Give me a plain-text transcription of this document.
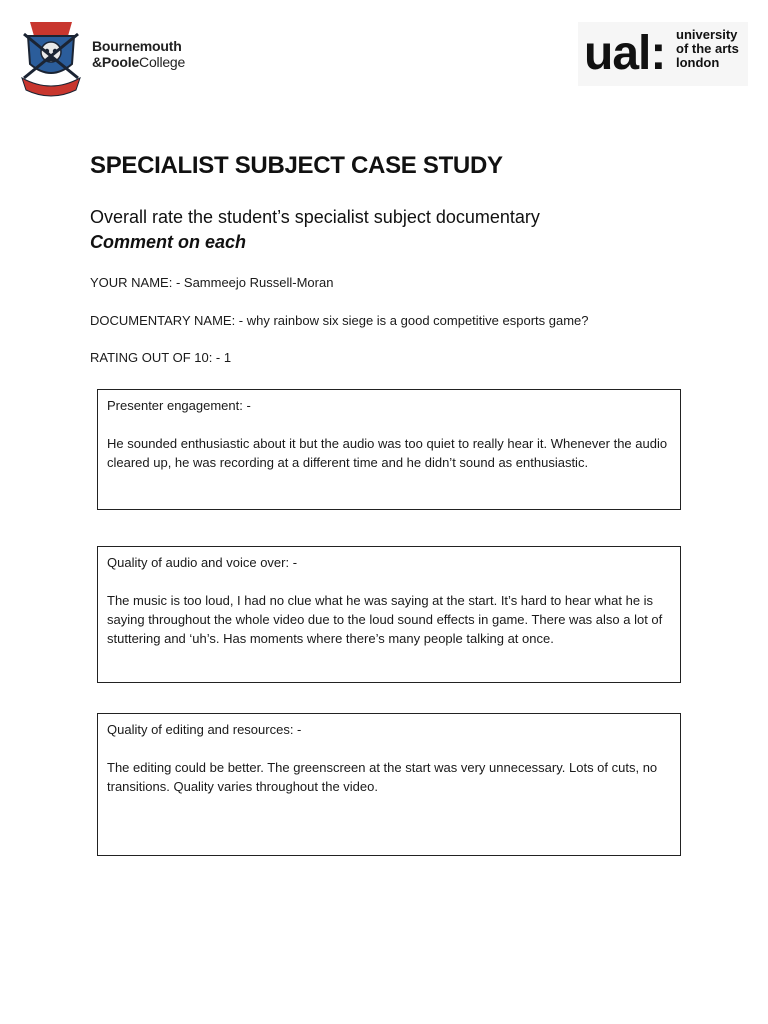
Bournemouth
&PooleCollege	ual: university
of the arts
london
SPECIALIST SUBJECT CASE STUDY
Overall rate the student’s specialist subject documentary
Comment on each
YOUR NAME: - Sammeejo Russell-Moran
DOCUMENTARY NAME: - why rainbow six siege is a good competitive esports game?
RATING OUT OF 10: - 1
Presenter engagement: -
He sounded enthusiastic about it but the audio was too quiet to really hear it. Whenever the audio cleared up, he was recording at a different time and he didn’t sound as enthusiastic.
Quality of audio and voice over: -
The music is too loud, I had no clue what he was saying at the start. It’s hard to hear what he is saying throughout the whole video due to the loud sound effects in game. There was also a lot of stuttering and ‘uh’s. Has moments where there’s many people talking at once.
Quality of editing and resources: -
The editing could be better. The greenscreen at the start was very unnecessary. Lots of cuts, no transitions. Quality varies throughout the video.
